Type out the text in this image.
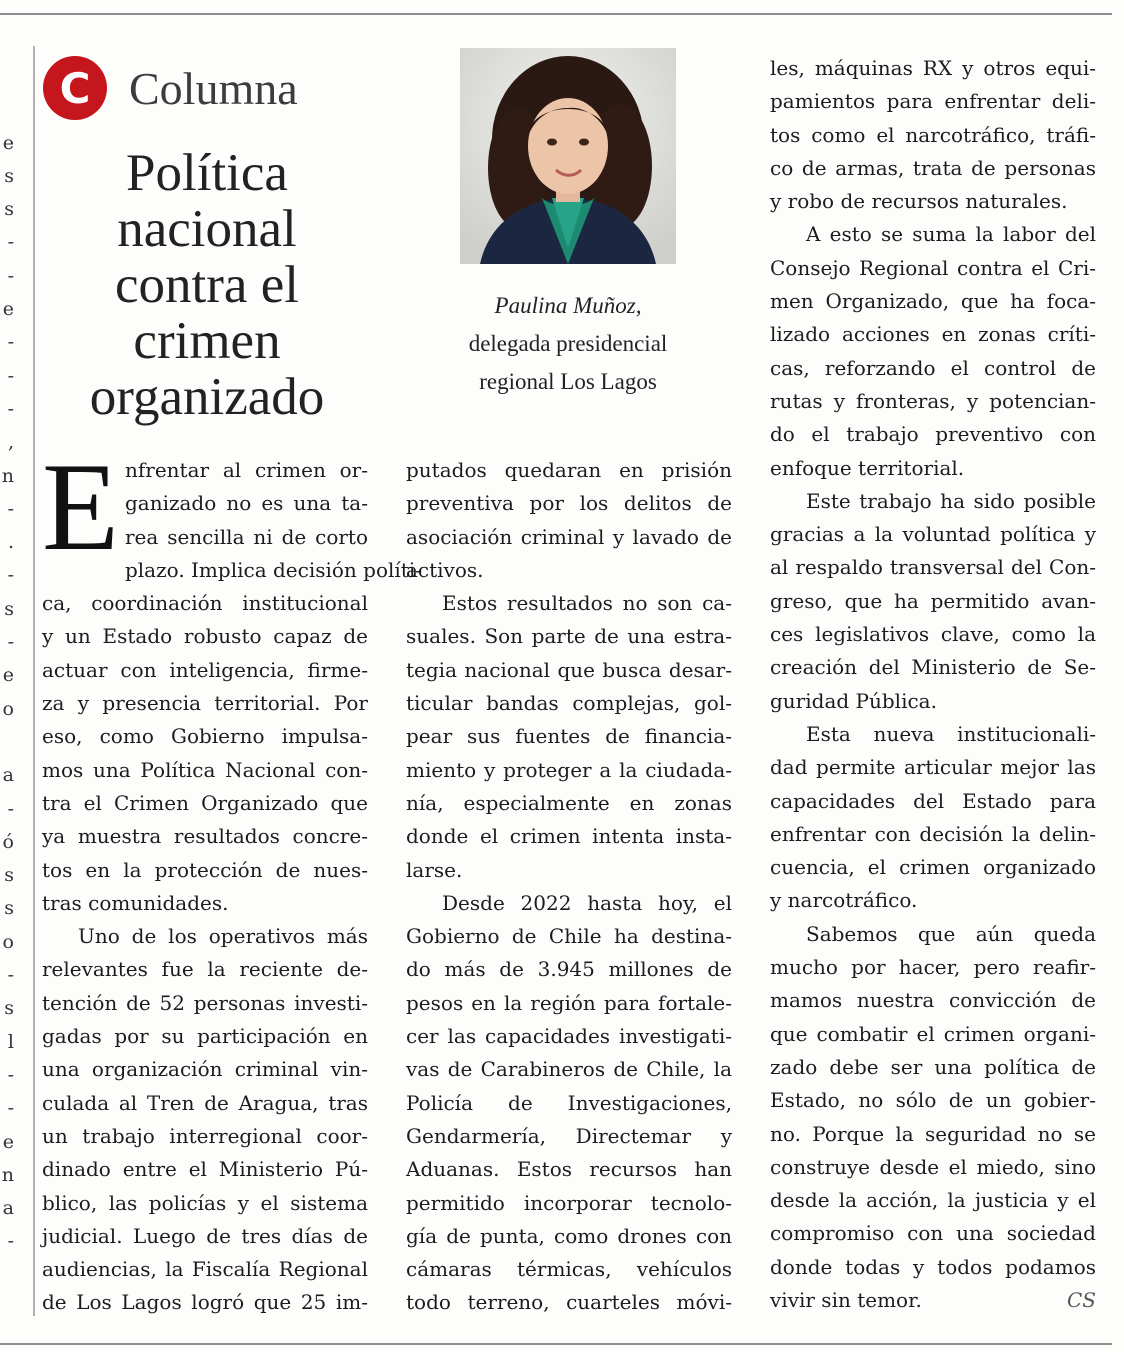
e
s
s
-
-
e
-
-
-
,
n
-
.
-
s
-
e
o
a
-
ó
s
s
o
-
s
l
-
-
e
n
a
-
C Columna
Política
nacional
contra el
crimen
organizado
Paulina Muñoz,
delegada presidencial
regional Los Lagos
E nfrentar al crimen or-
ganizado no es una ta-
rea sencilla ni de corto
plazo. Implica decisión políti-
ca, coordinación institucional
y un Estado robusto capaz de
actuar con inteligencia, firme-
za y presencia territorial. Por
eso, como Gobierno impulsa-
mos una Política Nacional con-
tra el Crimen Organizado que
ya muestra resultados concre-
tos en la protección de nues-
tras comunidades.
Uno de los operativos más
relevantes fue la reciente de-
tención de 52 personas investi-
gadas por su participación en
una organización criminal vin-
culada al Tren de Aragua, tras
un trabajo interregional coor-
dinado entre el Ministerio Pú-
blico, las policías y el sistema
judicial. Luego de tres días de
audiencias, la Fiscalía Regional
de Los Lagos logró que 25 im-
putados quedaran en prisión
preventiva por los delitos de
asociación criminal y lavado de
activos.
Estos resultados no son ca-
suales. Son parte de una estra-
tegia nacional que busca desar-
ticular bandas complejas, gol-
pear sus fuentes de financia-
miento y proteger a la ciudada-
nía, especialmente en zonas
donde el crimen intenta insta-
larse.
Desde 2022 hasta hoy, el
Gobierno de Chile ha destina-
do más de 3.945 millones de
pesos en la región para fortale-
cer las capacidades investigati-
vas de Carabineros de Chile, la
Policía de Investigaciones,
Gendarmería, Directemar y
Aduanas. Estos recursos han
permitido incorporar tecnolo-
gía de punta, como drones con
cámaras térmicas, vehículos
todo terreno, cuarteles móvi-
les, máquinas RX y otros equi-
pamientos para enfrentar deli-
tos como el narcotráfico, tráfi-
co de armas, trata de personas
y robo de recursos naturales.
A esto se suma la labor del
Consejo Regional contra el Cri-
men Organizado, que ha foca-
lizado acciones en zonas críti-
cas, reforzando el control de
rutas y fronteras, y potencian-
do el trabajo preventivo con
enfoque territorial.
Este trabajo ha sido posible
gracias a la voluntad política y
al respaldo transversal del Con-
greso, que ha permitido avan-
ces legislativos clave, como la
creación del Ministerio de Se-
guridad Pública.
Esta nueva institucionali-
dad permite articular mejor las
capacidades del Estado para
enfrentar con decisión la delin-
cuencia, el crimen organizado
y narcotráfico.
Sabemos que aún queda
mucho por hacer, pero reafir-
mamos nuestra convicción de
que combatir el crimen organi-
zado debe ser una política de
Estado, no sólo de un gobier-
no. Porque la seguridad no se
construye desde el miedo, sino
desde la acción, la justicia y el
compromiso con una sociedad
donde todas y todos podamos
CS
vivir sin temor.
